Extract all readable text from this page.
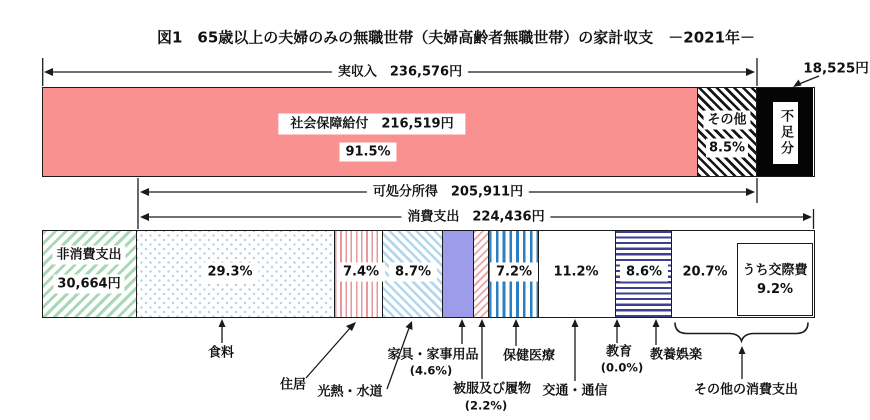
図1　65歳以上の夫婦のみの無職世帯（夫婦高齢者無職世帯）の家計収支　－2021年－
実収入　236,576円	18,525円
社会保障給付　216,519円
91.5%
その他
8.5%	不足分
可処分所得　205,911円
消費支出　224,436円
非消費支出
30,664円
29.3%	7.4%	8.7%	7.2%	11.2%	8.6%	20.7% うち交際費
9.2%
食料
住居 光熱・水道
家具・家事用品
(4.6%)
被服及び履物
(2.2%)
保健医療
交通・通信
教育
(0.0%)
教養娯楽
その他の消費支出
